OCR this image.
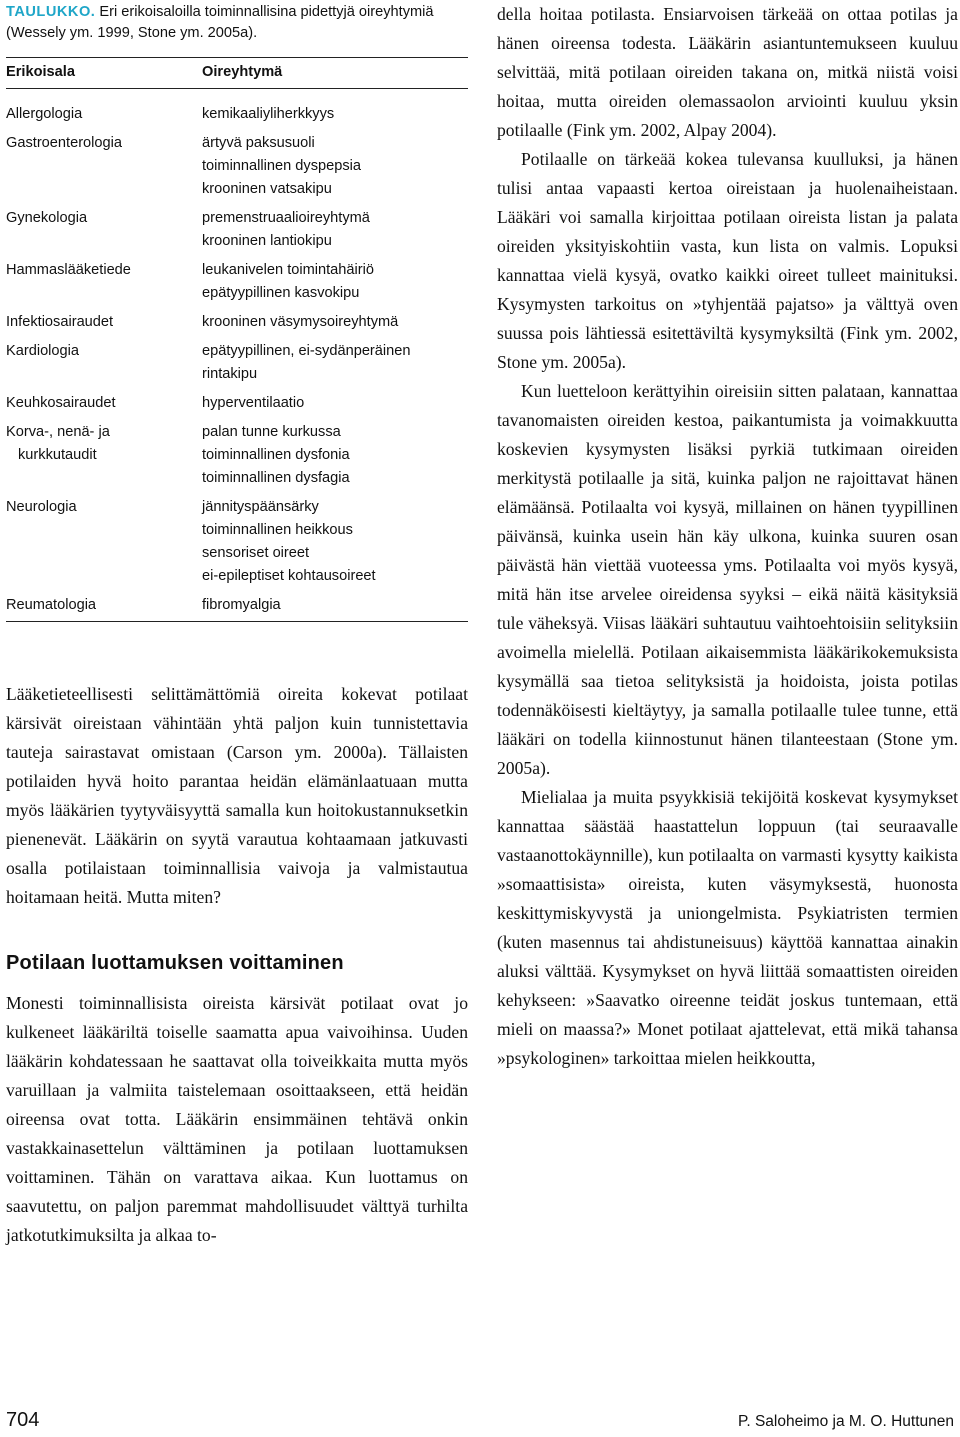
TAULUKKO. Eri erikoisaloilla toiminnallisina pidettyjä oireyhtymiä (Wessely ym. 1999, Stone ym. 2005a).

Erikoisala	Oireyhtymä

Allergologia	kemikaaliyliherkkyys

Gastroenterologia	ärtyvä paksusuoli
toiminnallinen dyspepsia
krooninen vatsakipu

Gynekologia	premenstruaalioireyhtymä
krooninen lantiokipu

Hammaslääketiede	leukanivelen toimintahäiriö
epätyypillinen kasvokipu

Infektiosairaudet	krooninen väsymysoireyhtymä

Kardiologia	epätyypillinen, ei-sydänperäinen
rintakipu

Keuhkosairaudet	hyperventilaatio

Korva-, nenä- ja
kurkkutaudit	palan tunne kurkussa
toiminnallinen dysfonia
toiminnallinen dysfagia

Neurologia	jännityspäänsärky
toiminnallinen heikkous
sensoriset oireet
ei-epileptiset kohtausoireet

Reumatologia	fibromyalgia

Lääketieteellisesti selittämättömiä oireita kokevat potilaat kärsivät oireistaan vähintään yhtä paljon kuin tunnistettavia tauteja sairastavat omistaan (Carson ym. 2000a). Tällaisten potilaiden hyvä hoito parantaa heidän elämänlaatuaan mutta myös lääkärien tyytyväisyyttä samalla kun hoitokustannuksetkin pienenevät. Lääkärin on syytä varautua kohtaamaan jatkuvasti osalla potilaistaan toiminnallisia vaivoja ja valmistautua hoitamaan heitä. Mutta miten?

Potilaan luottamuksen voittaminen

Monesti toiminnallisista oireista kärsivät potilaat ovat jo kulkeneet lääkäriltä toiselle saamatta apua vaivoihinsa. Uuden lääkärin kohdatessaan he saattavat olla toiveikkaita mutta myös varuillaan ja valmiita taistelemaan osoittaakseen, että heidän oireensa ovat totta. Lääkärin ensimmäinen tehtävä onkin vastakkainasettelun välttäminen ja potilaan luottamuksen voittaminen. Tähän on varattava aikaa. Kun luottamus on saavutettu, on paljon paremmat mahdollisuudet välttyä turhilta jatkotutkimuksilta ja alkaa to-

della hoitaa potilasta. Ensiarvoisen tärkeää on ottaa potilas ja hänen oireensa todesta. Lääkärin asiantuntemukseen kuuluu selvittää, mitä potilaan oireiden takana on, mitkä niistä voisi hoitaa, mutta oireiden olemassaolon arviointi kuuluu yksin potilaalle (Fink ym. 2002, Alpay 2004).

Potilaalle on tärkeää kokea tulevansa kuulluksi, ja hänen tulisi antaa vapaasti kertoa oireistaan ja huolenaiheistaan. Lääkäri voi samalla kirjoittaa potilaan oireista listan ja palata oireiden yksityiskohtiin vasta, kun lista on valmis. Lopuksi kannattaa vielä kysyä, ovatko kaikki oireet tulleet mainituksi. Kysymysten tarkoitus on »tyhjentää pajatso» ja välttyä oven suussa pois lähtiessä esitettäviltä kysymyksiltä (Fink ym. 2002, Stone ym. 2005a).

Kun luetteloon kerättyihin oireisiin sitten palataan, kannattaa tavanomaisten oireiden kestoa, paikantumista ja voimakkuutta koskevien kysymysten lisäksi pyrkiä tutkimaan oireiden merkitystä potilaalle ja sitä, kuinka paljon ne rajoittavat hänen elämäänsä. Potilaalta voi kysyä, millainen on hänen tyypillinen päivänsä, kuinka usein hän käy ulkona, kuinka suuren osan päivästä hän viettää vuoteessa yms. Potilaalta voi myös kysyä, mitä hän itse arvelee oireidensa syyksi – eikä näitä käsityksiä tule väheksyä. Viisas lääkäri suhtautuu vaihtoehtoisiin selityksiin avoimella mielellä. Potilaan aikaisemmista lääkärikokemuksista kysymällä saa tietoa selityksistä ja hoidoista, joista potilas todennäköisesti kieltäytyy, ja samalla potilaalle tulee tunne, että lääkäri on todella kiinnostunut hänen tilanteestaan (Stone ym. 2005a).

Mielialaa ja muita psyykkisiä tekijöitä koskevat kysymykset kannattaa säästää haastattelun loppuun (tai seuraavalle vastaanottokäynnille), kun potilaalta on varmasti kysytty kaikista »somaattisista» oireista, kuten väsymyksestä, huonosta keskittymiskyvystä ja uniongelmista. Psykiatristen termien (kuten masennus tai ahdistuneisuus) käyttöä kannattaa ainakin aluksi välttää. Kysymykset on hyvä liittää somaattisten oireiden kehykseen: »Saavatko oireenne teidät joskus tuntemaan, että mieli on maassa?» Monet potilaat ajattelevat, että mikä tahansa »psykologinen» tarkoittaa mielen heikkoutta,

704	P. Saloheimo ja M. O. Huttunen
